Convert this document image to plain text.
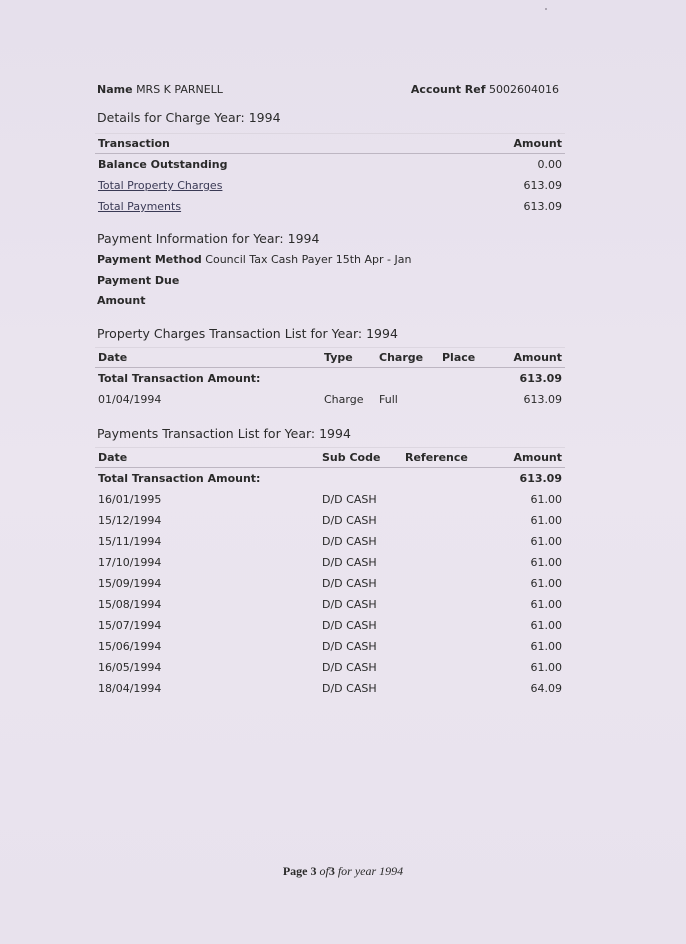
Name MRS K PARNELL	Account Ref 5002604016
Details for Charge Year: 1994
Transaction	Amount
Balance Outstanding	0.00
Total Property Charges	613.09
Total Payments	613.09
Payment Information for Year: 1994
Payment Method Council Tax Cash Payer 15th Apr - Jan
Payment Due
Amount
Property Charges Transaction List for Year: 1994
Date	Type	Charge	Place	Amount
Total Transaction Amount:				613.09
01/04/1994	Charge	Full		613.09
Payments Transaction List for Year: 1994
Date	Sub Code	Reference	Amount
Total Transaction Amount:			613.09
16/01/1995	D/D CASH		61.00
15/12/1994	D/D CASH		61.00
15/11/1994	D/D CASH		61.00
17/10/1994	D/D CASH		61.00
15/09/1994	D/D CASH		61.00
15/08/1994	D/D CASH		61.00
15/07/1994	D/D CASH		61.00
15/06/1994	D/D CASH		61.00
16/05/1994	D/D CASH		61.00
18/04/1994	D/D CASH		64.09
Page 3 of3 for year 1994
